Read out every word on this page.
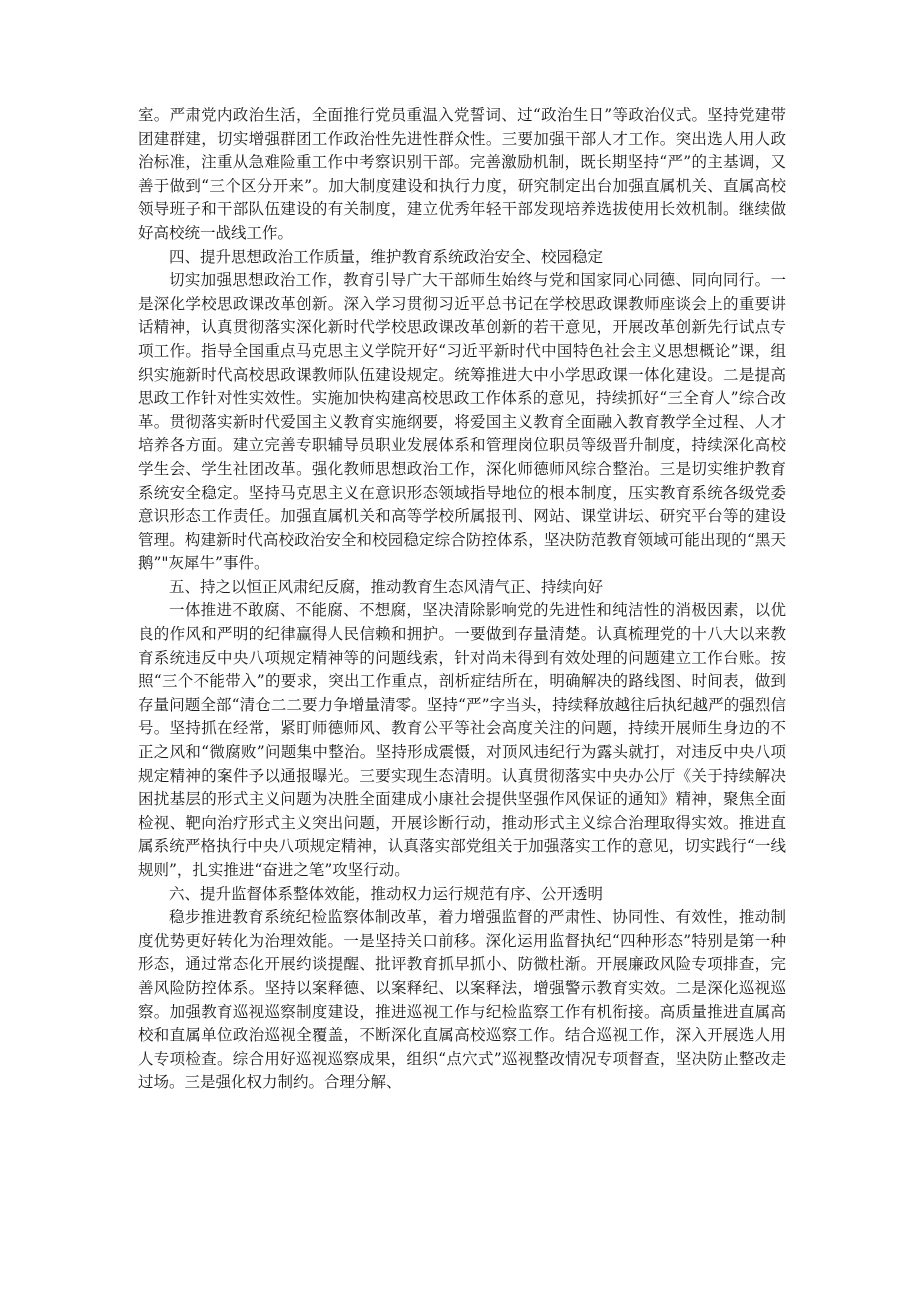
室。严肃党内政治生活，全面推行党员重温入党誓词、过“政治生日”等政治仪式。坚持党建带团建群建，切实增强群团工作政治性先进性群众性。三要加强干部人才工作。突出选人用人政治标准，注重从急难险重工作中考察识别干部。完善激励机制，既长期坚持“严”的主基调，又善于做到“三个区分开来”。加大制度建设和执行力度，研究制定出台加强直属机关、直属高校领导班子和干部队伍建设的有关制度，建立优秀年轻干部发现培养选拔使用长效机制。继续做好高校统一战线工作。

四、提升思想政治工作质量，维护教育系统政治安全、校园稳定

切实加强思想政治工作，教育引导广大干部师生始终与党和国家同心同德、同向同行。一是深化学校思政课改革创新。深入学习贯彻习近平总书记在学校思政课教师座谈会上的重要讲话精神，认真贯彻落实深化新时代学校思政课改革创新的若干意见，开展改革创新先行试点专项工作。指导全国重点马克思主义学院开好“习近平新时代中国特色社会主义思想概论”课，组织实施新时代高校思政课教师队伍建设规定。统筹推进大中小学思政课一体化建设。二是提高思政工作针对性实效性。实施加快构建高校思政工作体系的意见，持续抓好“三全育人”综合改革。贯彻落实新时代爱国主义教育实施纲要，将爱国主义教育全面融入教育教学全过程、人才培养各方面。建立完善专职辅导员职业发展体系和管理岗位职员等级晋升制度，持续深化高校学生会、学生社团改革。强化教师思想政治工作，深化师德师风综合整治。三是切实维护教育系统安全稳定。坚持马克思主义在意识形态领域指导地位的根本制度，压实教育系统各级党委意识形态工作责任。加强直属机关和高等学校所属报刊、网站、课堂讲坛、研究平台等的建设管理。构建新时代高校政治安全和校园稳定综合防控体系，坚决防范教育领域可能出现的“黑天鹅”"灰犀牛”事件。

五、持之以恒正风肃纪反腐，推动教育生态风清气正、持续向好

一体推进不敢腐、不能腐、不想腐，坚决清除影响党的先进性和纯洁性的消极因素，以优良的作风和严明的纪律赢得人民信赖和拥护。一要做到存量清楚。认真梳理党的十八大以来教育系统违反中央八项规定精神等的问题线索，针对尚未得到有效处理的问题建立工作台账。按照“三个不能带入”的要求，突出工作重点，剖析症结所在，明确解决的路线图、时间表，做到存量问题全部“清仓二二要力争增量清零。坚持“严”字当头，持续释放越往后执纪越严的强烈信号。坚持抓在经常，紧盯师德师风、教育公平等社会高度关注的问题，持续开展师生身边的不正之风和“微腐败”问题集中整治。坚持形成震慑，对顶风违纪行为露头就打，对违反中央八项规定精神的案件予以通报曝光。三要实现生态清明。认真贯彻落实中央办公厅《关于持续解决困扰基层的形式主义问题为决胜全面建成小康社会提供坚强作风保证的通知》精神，聚焦全面检视、靶向治疗形式主义突出问题，开展诊断行动，推动形式主义综合治理取得实效。推进直属系统严格执行中央八项规定精神，认真落实部党组关于加强落实工作的意见，切实践行“一线规则”，扎实推进“奋进之笔”攻坚行动。

六、提升监督体系整体效能，推动权力运行规范有序、公开透明

稳步推进教育系统纪检监察体制改革，着力增强监督的严肃性、协同性、有效性，推动制度优势更好转化为治理效能。一是坚持关口前移。深化运用监督执纪“四种形态”特别是第一种形态，通过常态化开展约谈提醒、批评教育抓早抓小、防微杜渐。开展廉政风险专项排查，完善风险防控体系。坚持以案释德、以案释纪、以案释法，增强警示教育实效。二是深化巡视巡察。加强教育巡视巡察制度建设，推进巡视工作与纪检监察工作有机衔接。高质量推进直属高校和直属单位政治巡视全覆盖，不断深化直属高校巡察工作。结合巡视工作，深入开展选人用人专项检查。综合用好巡视巡察成果，组织“点穴式”巡视整改情况专项督查，坚决防止整改走过场。三是强化权力制约。合理分解、
